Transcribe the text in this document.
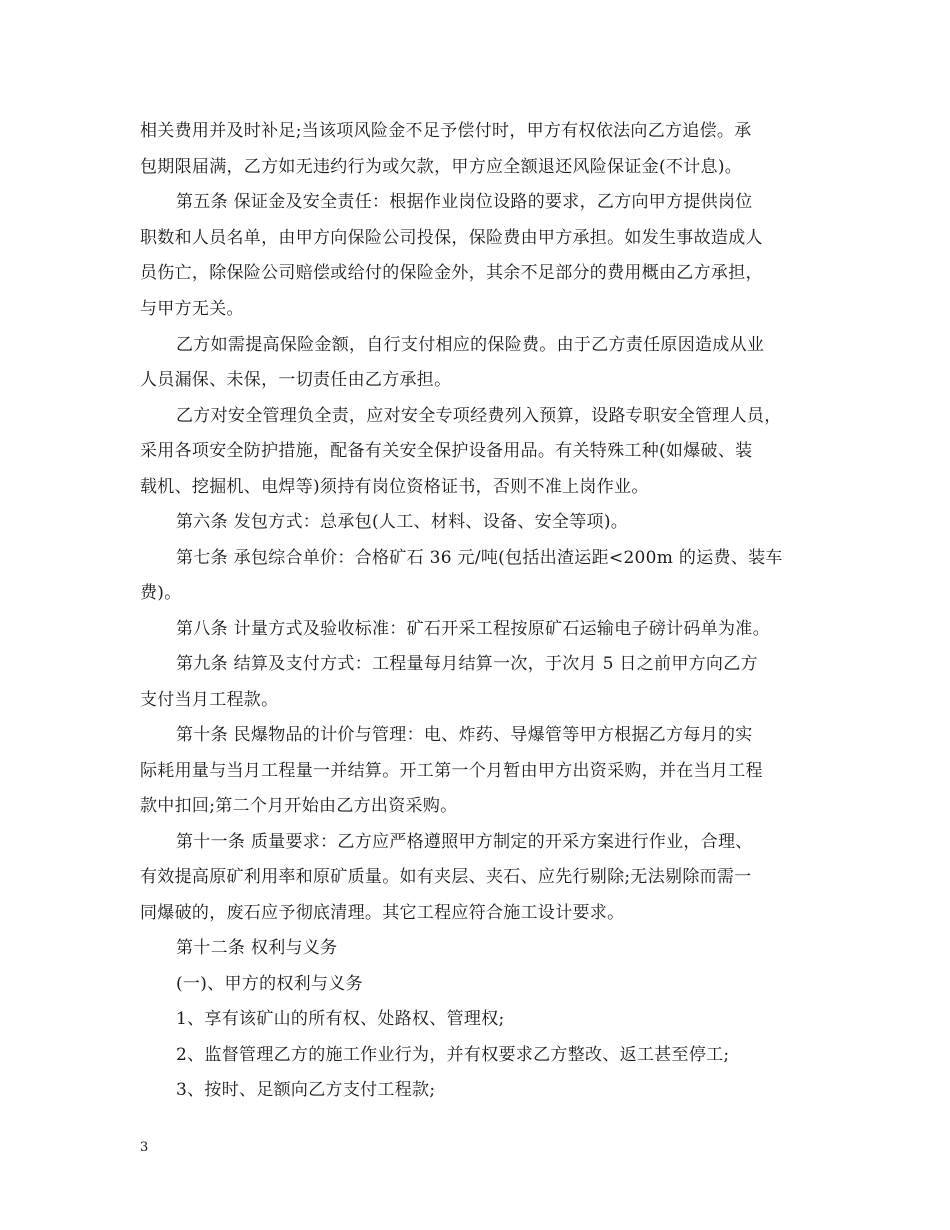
相关费用并及时补足;当该项风险金不足予偿付时，甲方有权依法向乙方追偿。承
包期限届满，乙方如无违约行为或欠款，甲方应全额退还风险保证金(不计息)。
第五条 保证金及安全责任：根据作业岗位设路的要求，乙方向甲方提供岗位
职数和人员名单，由甲方向保险公司投保，保险费由甲方承担。如发生事故造成人
员伤亡，除保险公司赔偿或给付的保险金外，其余不足部分的费用概由乙方承担，
与甲方无关。
乙方如需提高保险金额，自行支付相应的保险费。由于乙方责任原因造成从业
人员漏保、未保，一切责任由乙方承担。
乙方对安全管理负全责，应对安全专项经费列入预算，设路专职安全管理人员，
采用各项安全防护措施，配备有关安全保护设备用品。有关特殊工种(如爆破、装
载机、挖掘机、电焊等)须持有岗位资格证书，否则不准上岗作业。
第六条 发包方式：总承包(人工、材料、设备、安全等项)。
第七条 承包综合单价：合格矿石 36 元/吨(包括出渣运距<200m 的运费、装车
费)。
第八条 计量方式及验收标准：矿石开采工程按原矿石运输电子磅计码单为准。
第九条 结算及支付方式：工程量每月结算一次，于次月 5 日之前甲方向乙方
支付当月工程款。
第十条 民爆物品的计价与管理：电、炸药、导爆管等甲方根据乙方每月的实
际耗用量与当月工程量一并结算。开工第一个月暂由甲方出资采购，并在当月工程
款中扣回;第二个月开始由乙方出资采购。
第十一条 质量要求：乙方应严格遵照甲方制定的开采方案进行作业，合理、
有效提高原矿利用率和原矿质量。如有夹层、夹石、应先行剔除;无法剔除而需一
同爆破的，废石应予彻底清理。其它工程应符合施工设计要求。
第十二条 权利与义务
(一)、甲方的权利与义务
1、享有该矿山的所有权、处路权、管理权;
2、监督管理乙方的施工作业行为，并有权要求乙方整改、返工甚至停工;
3、按时、足额向乙方支付工程款;
3
